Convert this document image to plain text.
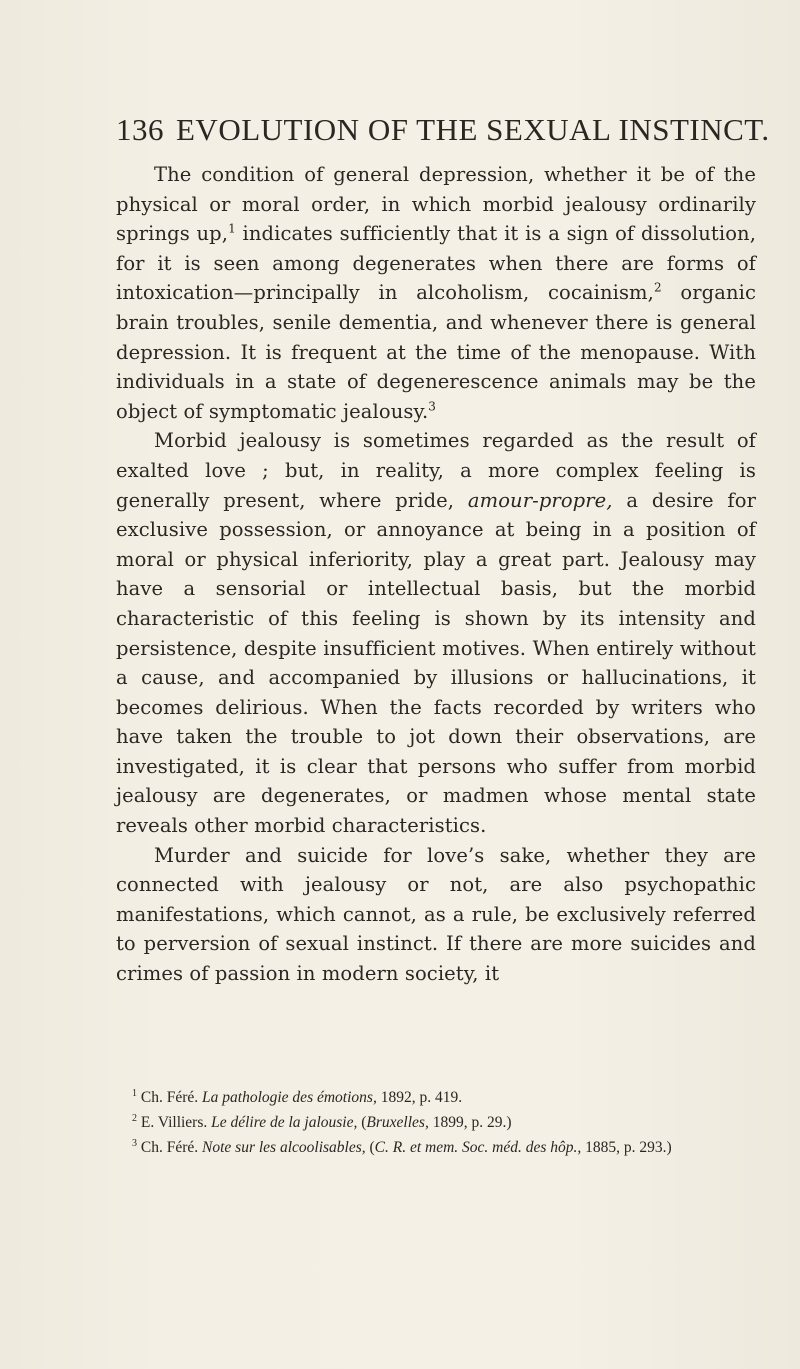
136 EVOLUTION OF THE SEXUAL INSTINCT.

The condition of general depression, whether it be of the physical or moral order, in which morbid jealousy ordinarily springs up,$^1$ indicates sufficiently that it is a sign of dissolution, for it is seen among degenerates when there are forms of intoxication—principally in alcoholism, cocainism,$^2$ organic brain troubles, senile dementia, and whenever there is general depression. It is frequent at the time of the menopause. With individuals in a state of degenerescence animals may be the object of symptomatic jealousy.$^3$

Morbid jealousy is sometimes regarded as the result of exalted love ; but, in reality, a more complex feeling is generally present, where pride, amour-propre, a desire for exclusive possession, or annoyance at being in a position of moral or physical inferiority, play a great part. Jealousy may have a sensorial or intellectual basis, but the morbid characteristic of this feeling is shown by its intensity and persistence, despite insufficient motives. When entirely without a cause, and accompanied by illusions or hallucinations, it becomes delirious. When the facts recorded by writers who have taken the trouble to jot down their observations, are investigated, it is clear that persons who suffer from morbid jealousy are degenerates, or madmen whose mental state reveals other morbid characteristics.

Murder and suicide for love’s sake, whether they are connected with jealousy or not, are also psychopathic manifestations, which cannot, as a rule, be exclusively referred to perversion of sexual instinct. If there are more suicides and crimes of passion in modern society, it

$^1$ Ch. Féré. La pathologie des émotions, 1892, p. 419.

$^2$ E. Villiers. Le délire de la jalousie, (Bruxelles, 1899, p. 29.)

$^3$ Ch. Féré. Note sur les alcoolisables, (C. R. et mem. Soc. méd. des hôp., 1885, p. 293.)
